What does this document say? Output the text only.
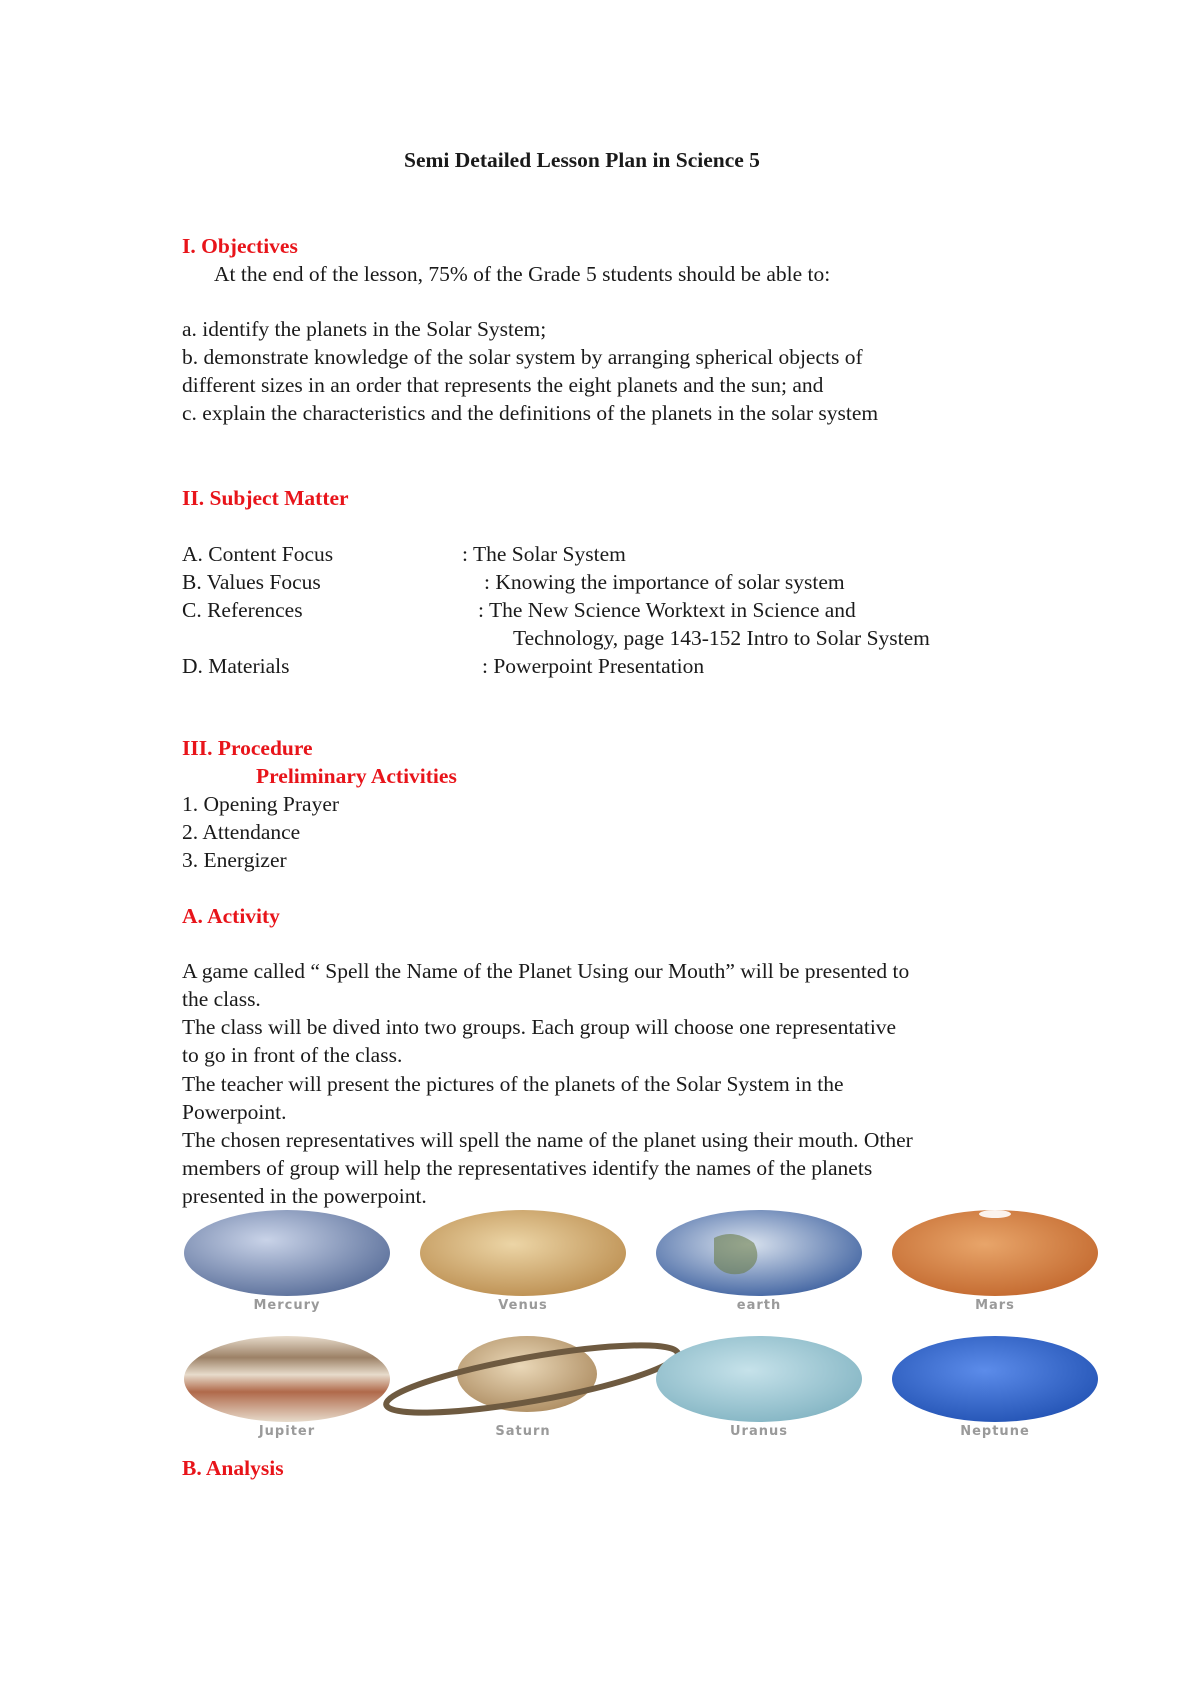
Semi Detailed Lesson Plan in Science 5

I. Objectives

At the end of the lesson, 75% of the Grade 5 students should be able to:

a. identify the planets in the Solar System;

b. demonstrate knowledge of the solar system by arranging spherical objects of

different sizes in an order that represents the eight planets and the sun; and

c. explain the characteristics and the definitions of the planets in the solar system

II. Subject Matter

A. Content Focus	: The Solar System

B. Values Focus	: Knowing the importance of solar system

C. References	: The New Science Worktext in Science and

Technology, page 143-152 Intro to Solar System

D. Materials	: Powerpoint Presentation

III. Procedure

Preliminary Activities

1. Opening Prayer

2. Attendance

3. Energizer

A. Activity

A game called “ Spell the Name of the Planet Using our Mouth” will be presented to

the class.

The class will be dived into two groups. Each group will choose one representative

to go in front of the class.

The teacher will present the pictures of the planets of the Solar System in the

Powerpoint.

The chosen representatives will spell the name of the planet using their mouth. Other

members of group will help the representatives identify the names of the planets

presented in the powerpoint.

Mercury	Venus	earth	Mars
Jupiter	Saturn	Uranus	Neptune

B. Analysis
